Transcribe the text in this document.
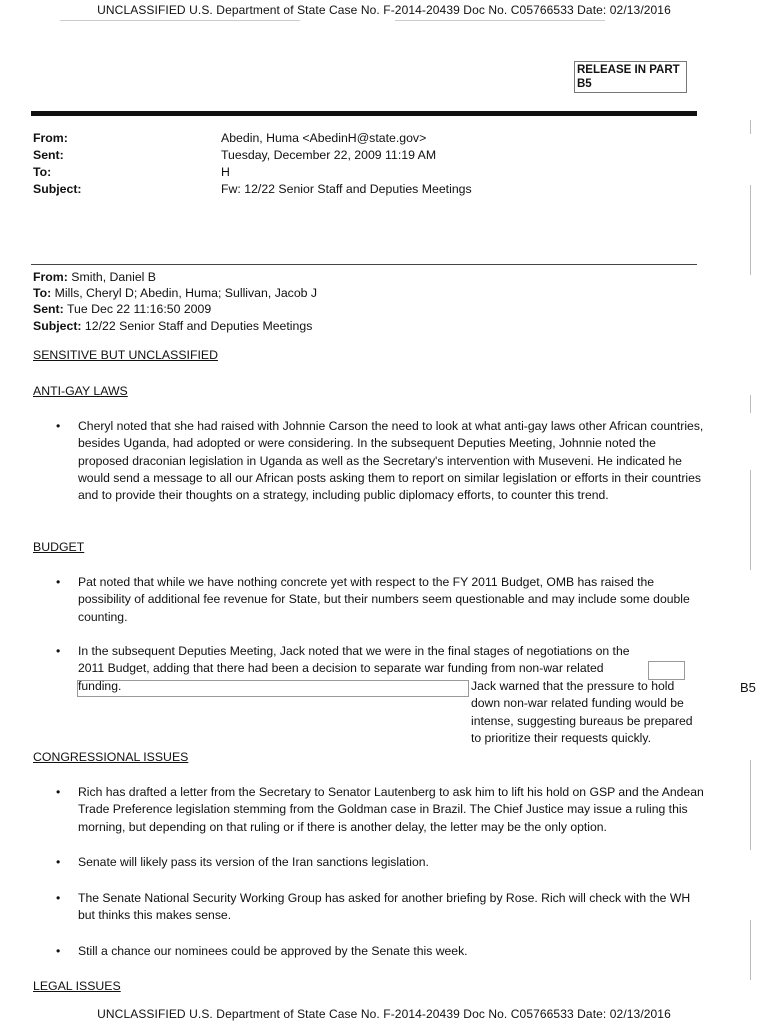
UNCLASSIFIED U.S. Department of State Case No. F-2014-20439 Doc No. C05766533 Date: 02/13/2016
RELEASE IN PART
B5
From:
Sent:
To:
Subject:
Abedin, Huma <AbedinH@state.gov>
Tuesday, December 22, 2009 11:19 AM
H
Fw: 12/22 Senior Staff and Deputies Meetings
From: Smith, Daniel B
To: Mills, Cheryl D; Abedin, Huma; Sullivan, Jacob J
Sent: Tue Dec 22 11:16:50 2009
Subject: 12/22 Senior Staff and Deputies Meetings
SENSITIVE BUT UNCLASSIFIED
ANTI-GAY LAWS
• Cheryl noted that she had raised with Johnnie Carson the need to look at what anti-gay laws other African countries, besides Uganda, had adopted or were considering. In the subsequent Deputies Meeting, Johnnie noted the proposed draconian legislation in Uganda as well as the Secretary's intervention with Museveni. He indicated he would send a message to all our African posts asking them to report on similar legislation or efforts in their countries and to provide their thoughts on a strategy, including public diplomacy efforts, to counter this trend.
BUDGET
• Pat noted that while we have nothing concrete yet with respect to the FY 2011 Budget, OMB has raised the possibility of additional fee revenue for State, but their numbers seem questionable and may include some double counting.
• In the subsequent Deputies Meeting, Jack noted that we were in the final stages of negotiations on the 2011 Budget, adding that there had been a decision to separate war funding from non-war related funding.	Jack warned that the pressure to hold down non-war related funding would be intense, suggesting bureaus be prepared to prioritize their requests quickly.
B5
CONGRESSIONAL ISSUES
• Rich has drafted a letter from the Secretary to Senator Lautenberg to ask him to lift his hold on GSP and the Andean Trade Preference legislation stemming from the Goldman case in Brazil. The Chief Justice may issue a ruling this morning, but depending on that ruling or if there is another delay, the letter may be the only option.
• Senate will likely pass its version of the Iran sanctions legislation.
• The Senate National Security Working Group has asked for another briefing by Rose. Rich will check with the WH but thinks this makes sense.
• Still a chance our nominees could be approved by the Senate this week.
LEGAL ISSUES
UNCLASSIFIED U.S. Department of State Case No. F-2014-20439 Doc No. C05766533 Date: 02/13/2016
